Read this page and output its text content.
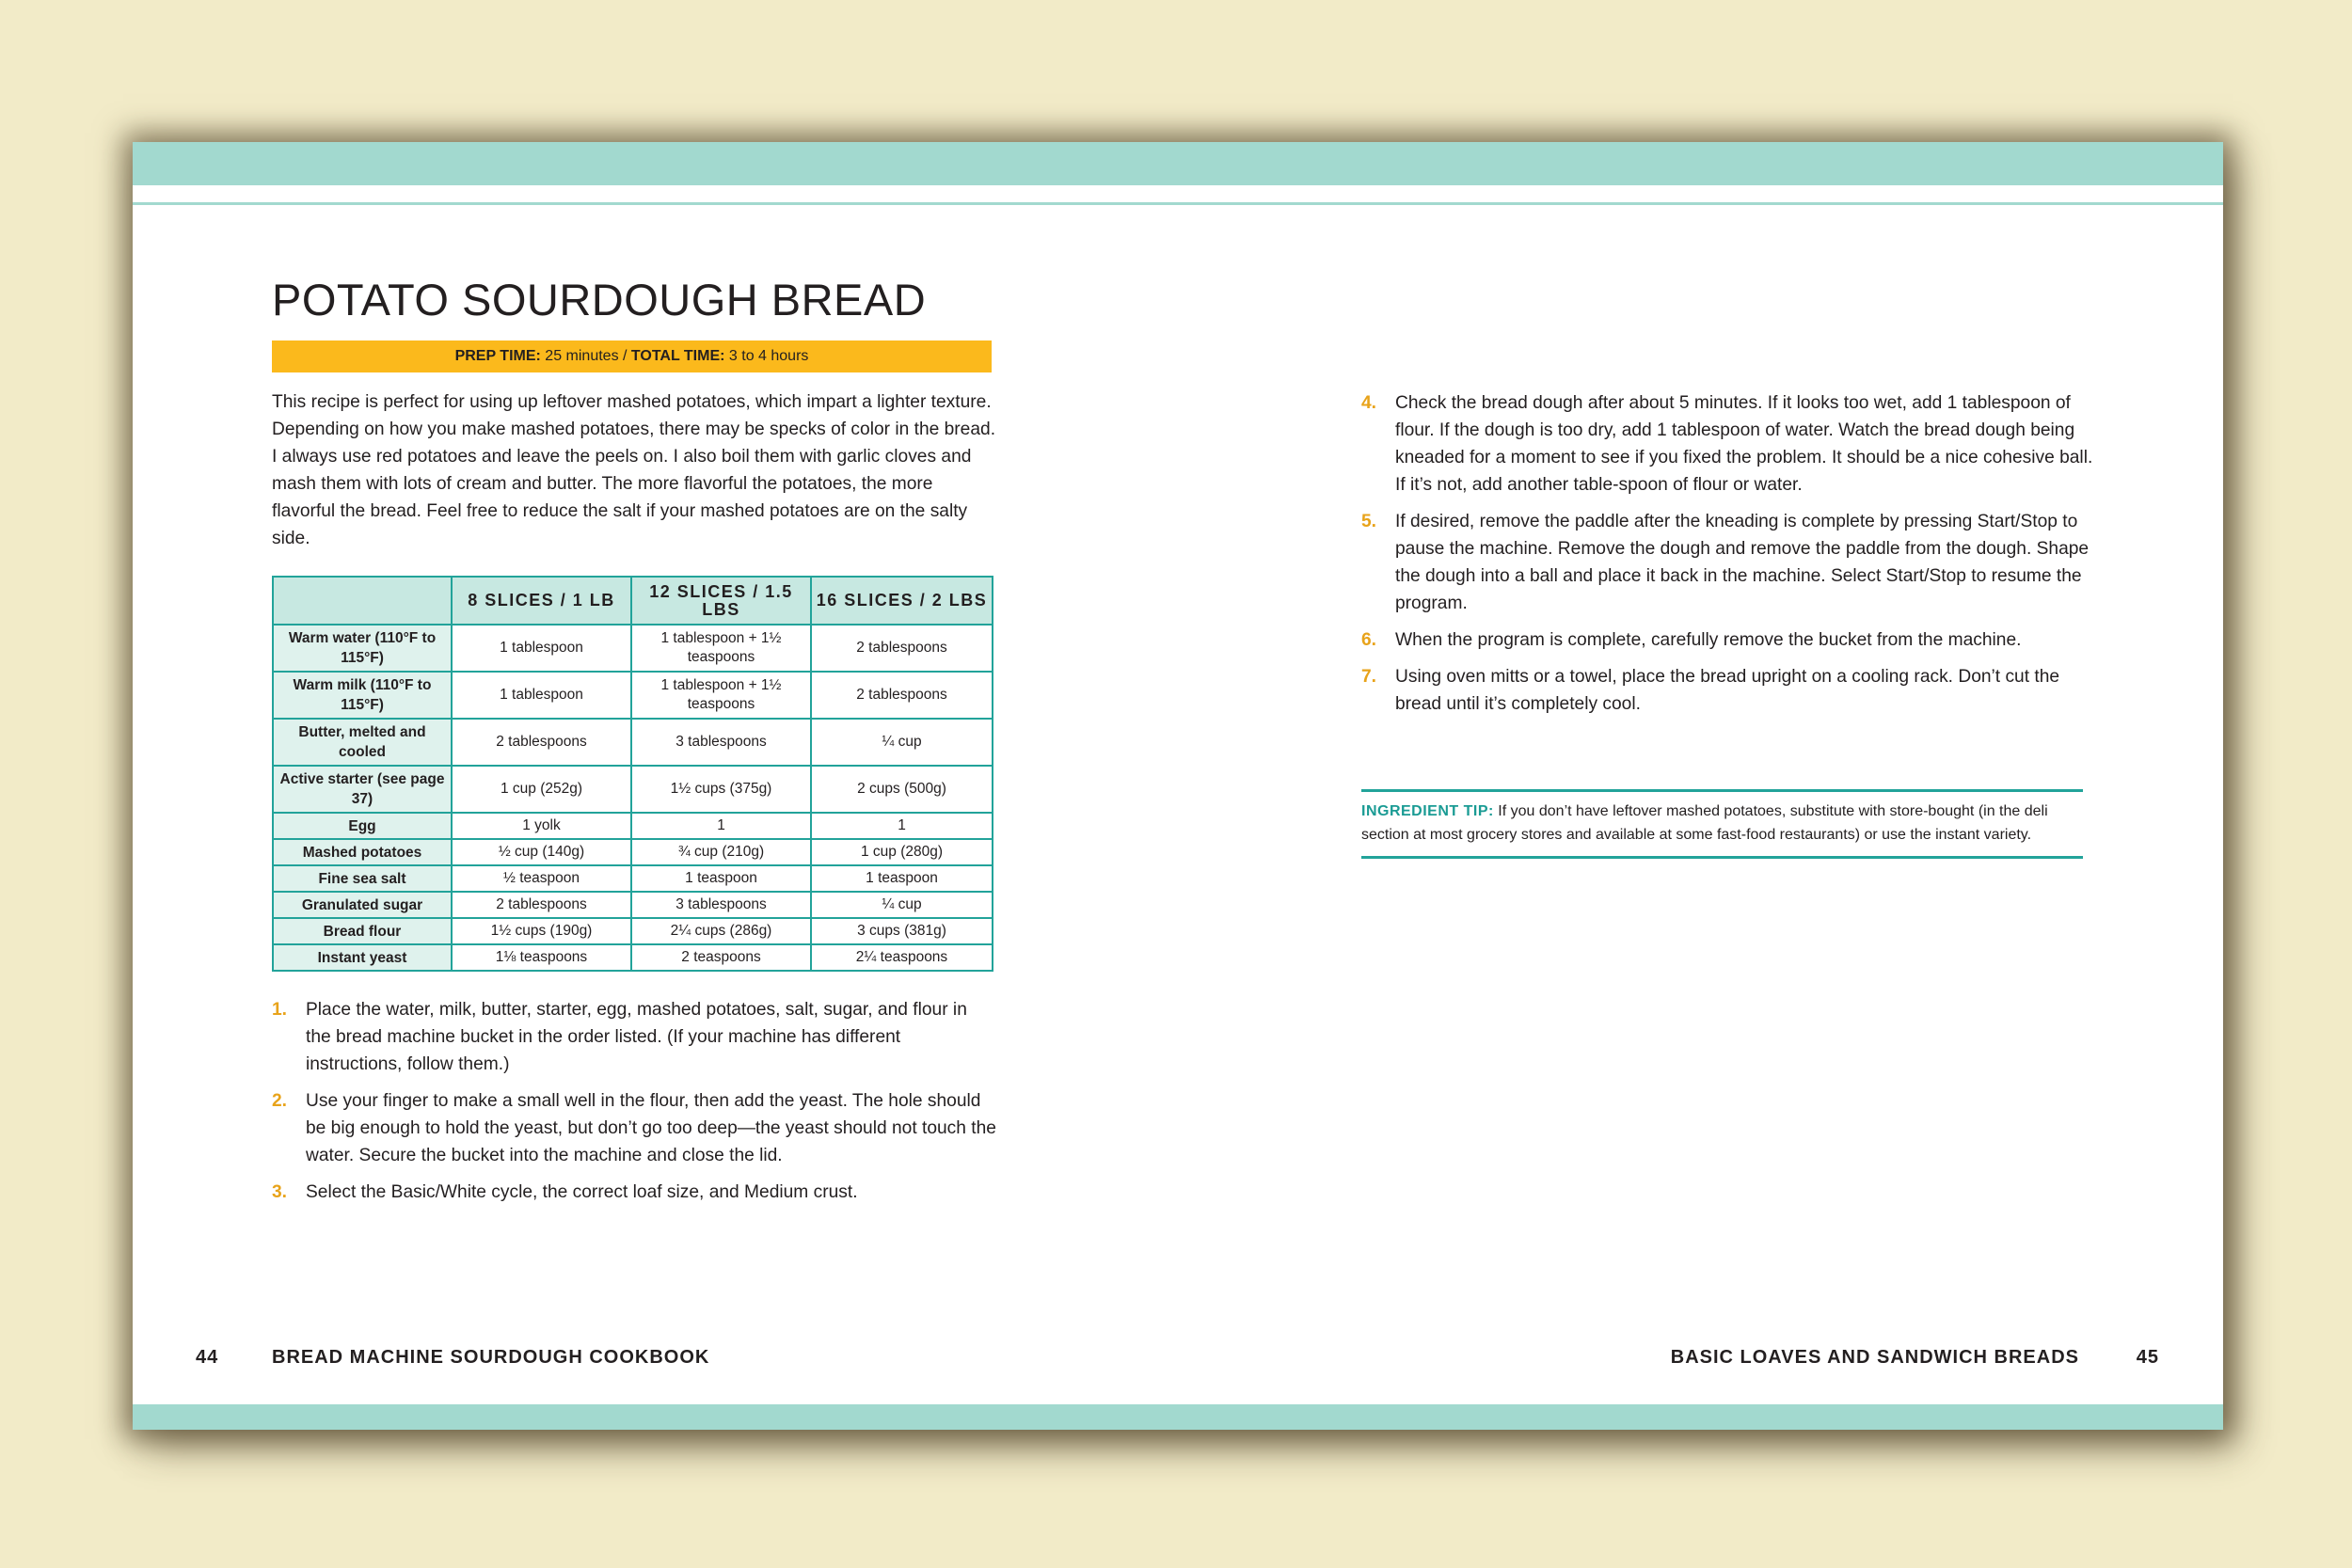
POTATO SOURDOUGH BREAD
PREP TIME: 25 minutes / TOTAL TIME: 3 to 4 hours

This recipe is perfect for using up leftover mashed potatoes, which impart a lighter texture. Depending on how you make mashed potatoes, there may be specks of color in the bread. I always use red potatoes and leave the peels on. I also boil them with garlic cloves and mash them with lots of cream and butter. The more flavorful the potatoes, the more flavorful the bread. Feel free to reduce the salt if your mashed potatoes are on the salty side.

	8 SLICES / 1 LB	12 SLICES / 1.5 LBS	16 SLICES / 2 LBS
Warm water (110°F to 115°F)	1 tablespoon	1 tablespoon + 1½ teaspoons	2 tablespoons
Warm milk (110°F to 115°F)	1 tablespoon	1 tablespoon + 1½ teaspoons	2 tablespoons
Butter, melted and cooled	2 tablespoons	3 tablespoons	¼ cup
Active starter (see page 37)	1 cup (252g)	1½ cups (375g)	2 cups (500g)
Egg	1 yolk	1	1
Mashed potatoes	½ cup (140g)	¾ cup (210g)	1 cup (280g)
Fine sea salt	½ teaspoon	1 teaspoon	1 teaspoon
Granulated sugar	2 tablespoons	3 tablespoons	¼ cup
Bread flour	1½ cups (190g)	2¼ cups (286g)	3 cups (381g)
Instant yeast	1⅛ teaspoons	2 teaspoons	2¼ teaspoons
1. Place the water, milk, butter, starter, egg, mashed potatoes, salt, sugar, and flour in the bread machine bucket in the order listed. (If your machine has different instructions, follow them.)
2. Use your finger to make a small well in the flour, then add the yeast. The hole should be big enough to hold the yeast, but don’t go too deep—the yeast should not touch the water. Secure the bucket into the machine and close the lid.
3. Select the Basic/White cycle, the correct loaf size, and Medium crust.
44	BREAD MACHINE SOURDOUGH COOKBOOK
4. Check the bread dough after about 5 minutes. If it looks too wet, add 1 tablespoon of flour. If the dough is too dry, add 1 tablespoon of water. Watch the bread dough being kneaded for a moment to see if you fixed the problem. It should be a nice cohesive ball. If it’s not, add another table-spoon of flour or water.
5. If desired, remove the paddle after the kneading is complete by pressing Start/Stop to pause the machine. Remove the dough and remove the paddle from the dough. Shape the dough into a ball and place it back in the machine. Select Start/Stop to resume the program.
6. When the program is complete, carefully remove the bucket from the machine.
7. Using oven mitts or a towel, place the bread upright on a cooling rack. Don’t cut the bread until it’s completely cool.
INGREDIENT TIP: If you don’t have leftover mashed potatoes, substitute with store-bought (in the deli section at most grocery stores and available at some fast-food restaurants) or use the instant variety.
BASIC LOAVES AND SANDWICH BREADS	45
